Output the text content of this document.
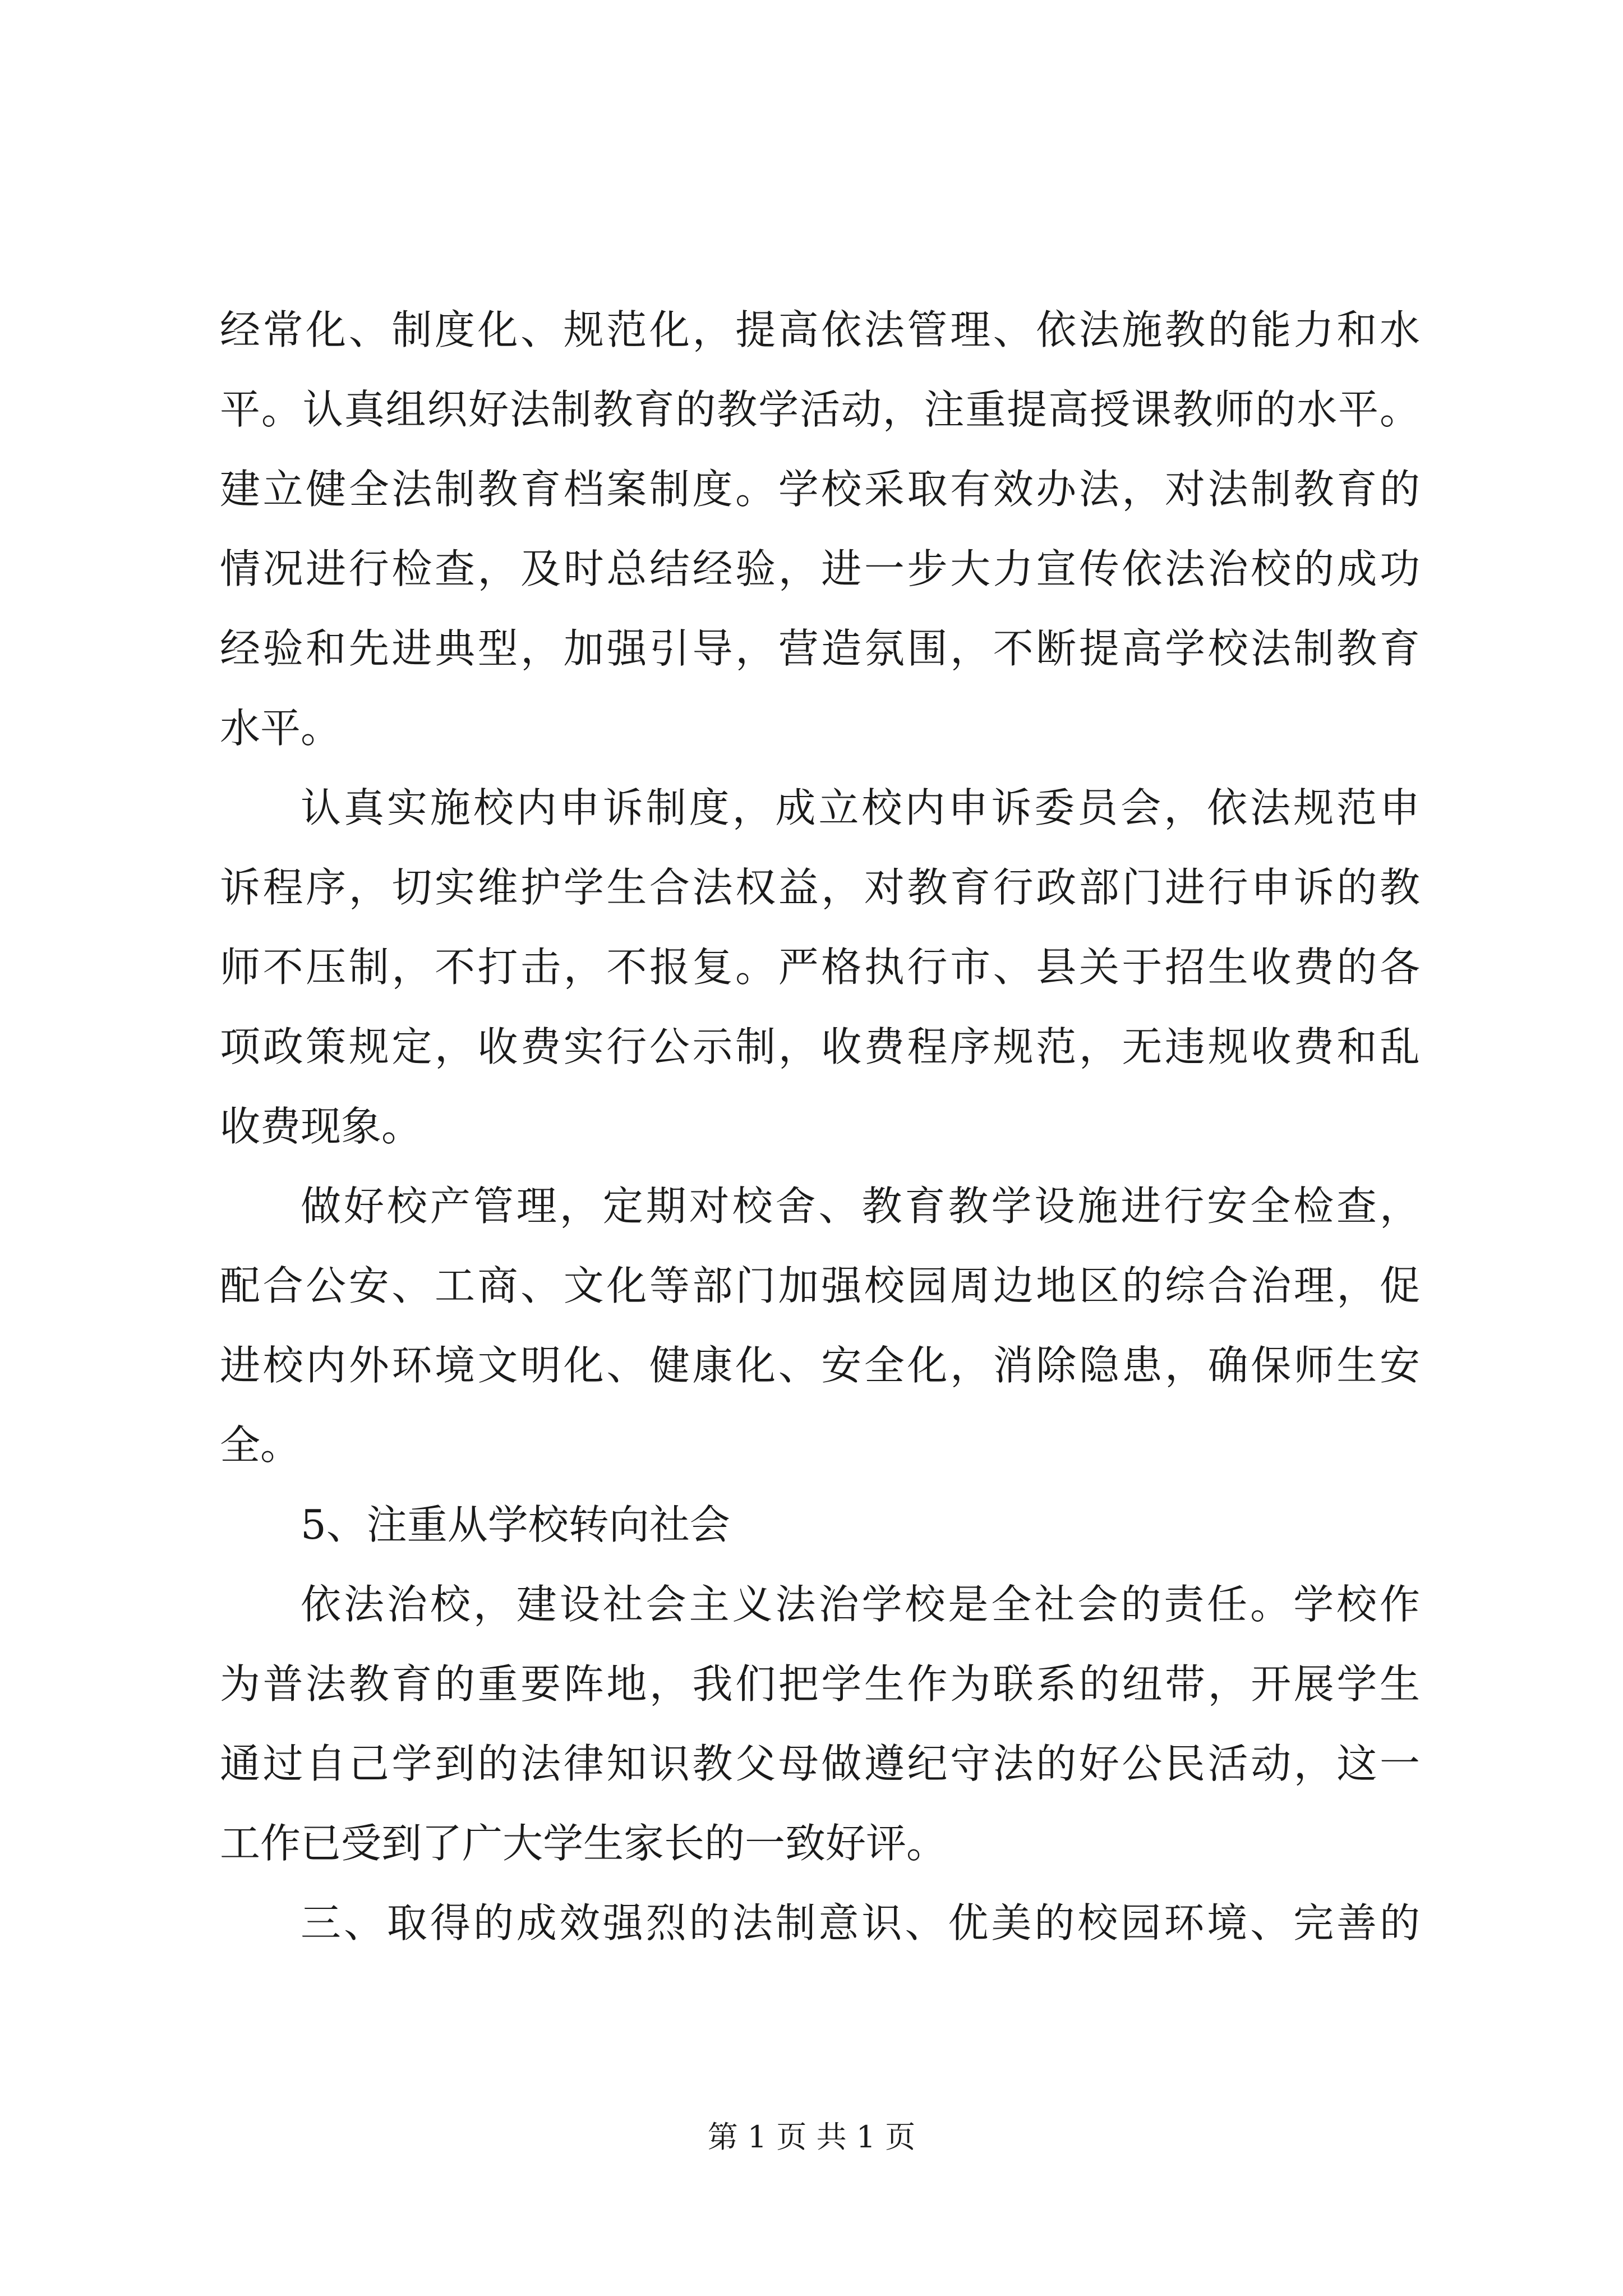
经常化、制度化、规范化，提高依法管理、依法施教的能力和水
平。认真组织好法制教育的教学活动，注重提高授课教师的水平。
建立健全法制教育档案制度。学校采取有效办法，对法制教育的
情况进行检查，及时总结经验，进一步大力宣传依法治校的成功
经验和先进典型，加强引导，营造氛围，不断提高学校法制教育
水平。
认真实施校内申诉制度，成立校内申诉委员会，依法规范申
诉程序，切实维护学生合法权益，对教育行政部门进行申诉的教
师不压制，不打击，不报复。严格执行市、县关于招生收费的各
项政策规定，收费实行公示制，收费程序规范，无违规收费和乱
收费现象。
做好校产管理，定期对校舍、教育教学设施进行安全检查，
配合公安、工商、文化等部门加强校园周边地区的综合治理，促
进校内外环境文明化、健康化、安全化，消除隐患，确保师生安
全。
5、注重从学校转向社会
依法治校，建设社会主义法治学校是全社会的责任。学校作
为普法教育的重要阵地，我们把学生作为联系的纽带，开展学生
通过自己学到的法律知识教父母做遵纪守法的好公民活动，这一
工作已受到了广大学生家长的一致好评。
三、取得的成效强烈的法制意识、优美的校园环境、完善的
第 1 页 共 1 页
